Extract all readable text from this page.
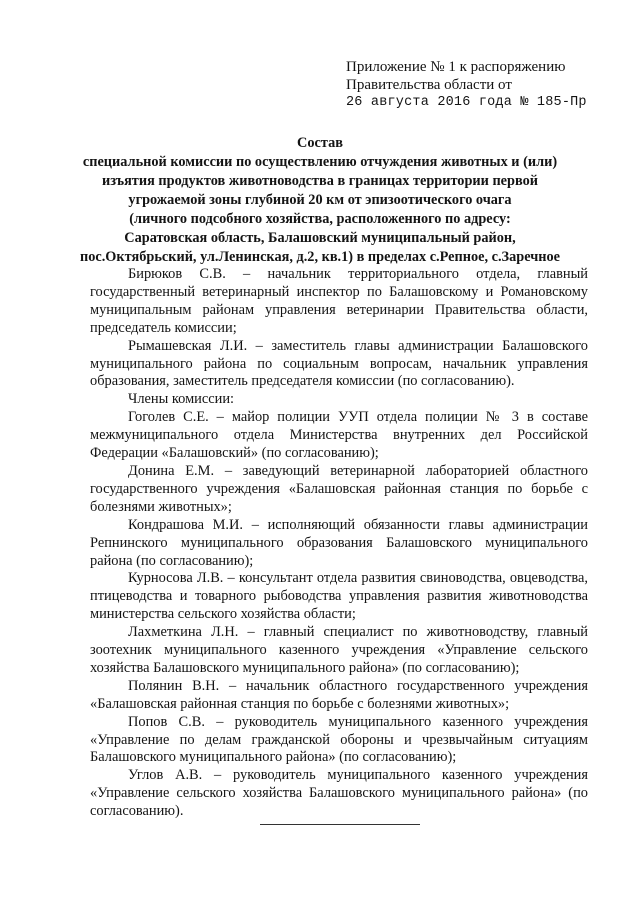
Приложение № 1 к распоряжению
Правительства области от
26 августа 2016 года № 185-Пр
Состав
специальной комиссии по осуществлению отчуждения животных и (или)
изъятия продуктов животноводства в границах территории первой
угрожаемой зоны глубиной 20 км от эпизоотического очага
(личного подсобного хозяйства, расположенного по адресу:
Саратовская область, Балашовский муниципальный район,
пос.Октябрьский, ул.Ленинская, д.2, кв.1) в пределах с.Репное, с.Заречное

Бирюков С.В. – начальник территориального отдела, главный государственный ветеринарный инспектор по Балашовскому и Романовскому муниципальным районам управления ветеринарии Правительства области, председатель комиссии;

Рымашевская Л.И. – заместитель главы администрации Балашовского муниципального района по социальным вопросам, начальник управления образования, заместитель председателя комиссии (по согласованию).

Члены комиссии:

Гоголев С.Е. – майор полиции УУП отдела полиции № 3 в составе межмуниципального отдела Министерства внутренних дел Российской Федерации «Балашовский» (по согласованию);

Донина Е.М. – заведующий ветеринарной лабораторией областного государственного учреждения «Балашовская районная станция по борьбе с болезнями животных»;

Кондрашова М.И. – исполняющий обязанности главы администрации Репнинского муниципального образования Балашовского муниципального района (по согласованию);

Курносова Л.В. – консультант отдела развития свиноводства, овцеводства, птицеводства и товарного рыбоводства управления развития животноводства министерства сельского хозяйства области;

Лахметкина Л.Н. – главный специалист по животноводству, главный зоотехник муниципального казенного учреждения «Управление сельского хозяйства Балашовского муниципального района» (по согласованию);

Полянин В.Н. – начальник областного государственного учреждения «Балашовская районная станция по борьбе с болезнями животных»;

Попов С.В. – руководитель муниципального казенного учреждения «Управление по делам гражданской обороны и чрезвычайным ситуациям Балашовского муниципального района» (по согласованию);

Углов А.В. – руководитель муниципального казенного учреждения «Управление сельского хозяйства Балашовского муниципального района» (по согласованию).
